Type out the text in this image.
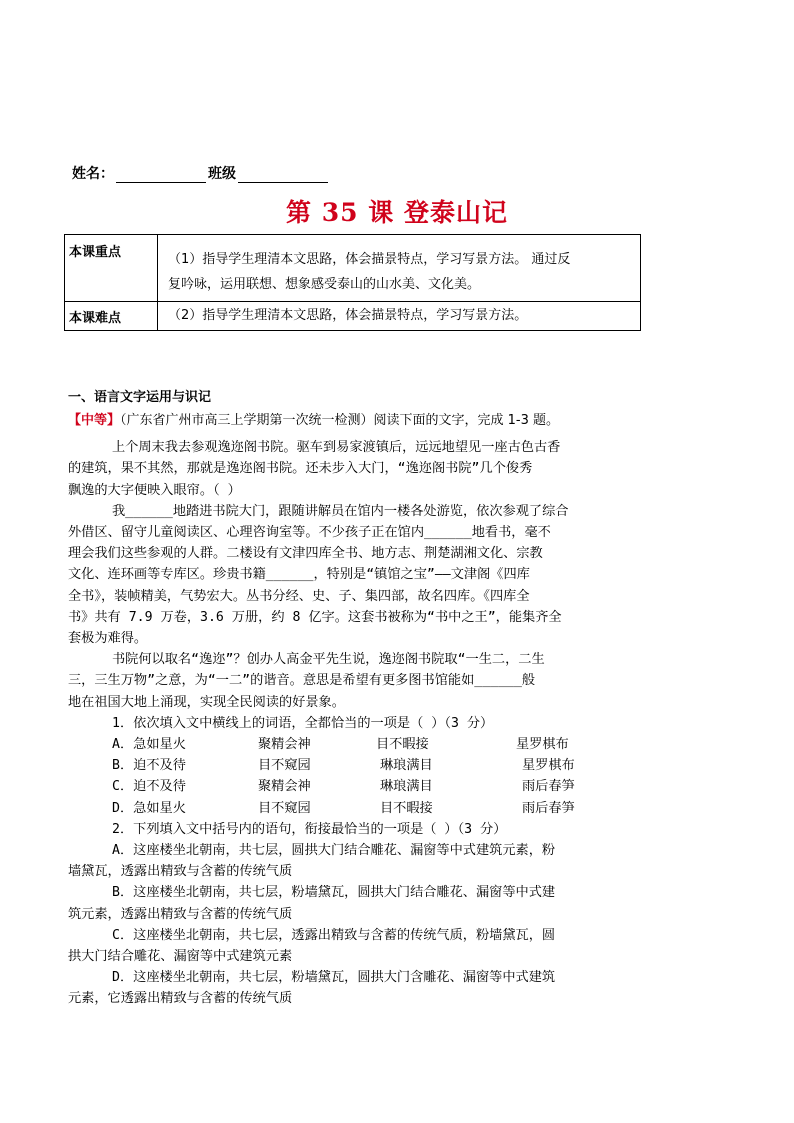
姓名：	班级
第 35 课 登泰山记
本课重点	（1）指导学生理清本文思路，体会描景特点，学习写景方法。 通过反
复吟咏，运用联想、想象感受泰山的山水美、文化美。

本课难点	（2）指导学生理清本文思路，体会描景特点，学习写景方法。
一、语言文字运用与识记

【中等】（广东省广州市高三上学期第一次统一检测）阅读下面的文字，完成 1-3 题。

上个周末我去参观逸迩阁书院。驱车到易家渡镇后，远远地望见一座古色古香

的建筑，果不其然，那就是逸迩阁书院。还未步入大门，“逸迩阁书院”几个俊秀

飘逸的大字便映入眼帘。（ ）

我______地踏进书院大门，跟随讲解员在馆内一楼各处游览，依次参观了综合

外借区、留守儿童阅读区、心理咨询室等。不少孩子正在馆内______地看书，毫不

理会我们这些参观的人群。二楼设有文津四库全书、地方志、荆楚湖湘文化、宗教

文化、连环画等专库区。珍贵书籍______，特别是“镇馆之宝”——文津阁《四库

全书》，装帧精美，气势宏大。丛书分经、史、子、集四部，故名四库。《四库全

书》共有 7.9 万卷，3.6 万册，约 8 亿字。这套书被称为“书中之王”，能集齐全

套极为难得。

书院何以取名“逸迩”？创办人高金平先生说，逸迩阁书院取“一生二，二生

三，三生万物”之意，为“一二”的谐音。意思是希望有更多图书馆能如______般

地在祖国大地上涌现，实现全民阅读的好景象。

1．依次填入文中横线上的词语，全都恰当的一项是（ ）（3 分）

A．急如星火	聚精会神	目不暇接	星罗棋布

B．迫不及待	目不窥园	琳琅满目	星罗棋布

C．迫不及待	聚精会神	琳琅满目	雨后春笋

D．急如星火	目不窥园	目不暇接	雨后春笋

2．下列填入文中括号内的语句，衔接最恰当的一项是（ ）（3 分）

A．这座楼坐北朝南，共七层，圆拱大门结合雕花、漏窗等中式建筑元素，粉

墙黛瓦，透露出精致与含蓄的传统气质

B．这座楼坐北朝南，共七层，粉墙黛瓦，圆拱大门结合雕花、漏窗等中式建

筑元素，透露出精致与含蓄的传统气质

C．这座楼坐北朝南，共七层，透露出精致与含蓄的传统气质，粉墙黛瓦，圆

拱大门结合雕花、漏窗等中式建筑元素

D．这座楼坐北朝南，共七层，粉墙黛瓦，圆拱大门含雕花、漏窗等中式建筑

元素，它透露出精致与含蓄的传统气质
